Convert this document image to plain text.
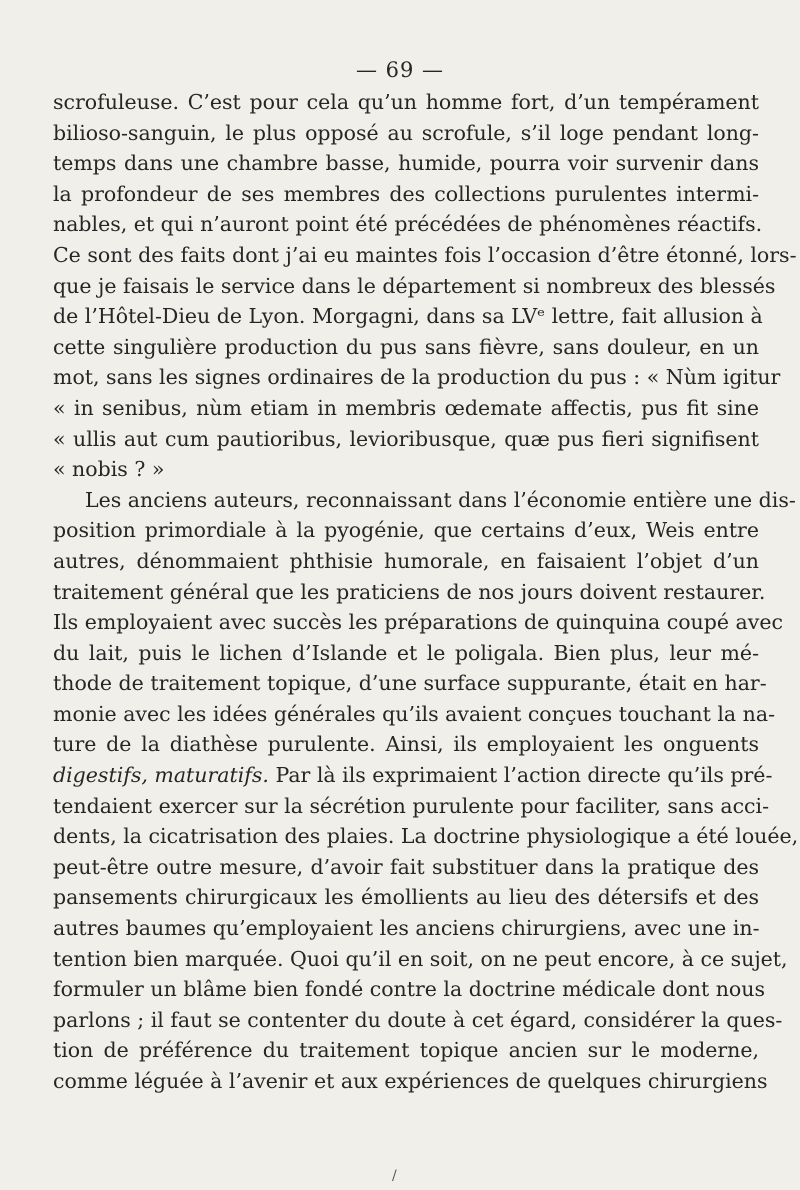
— 69 —
scrofuleuse. C’est pour cela qu’un homme fort, d’un tempérament
bilioso-sanguin, le plus opposé au scrofule, s’il loge pendant long-
temps dans une chambre basse, humide, pourra voir survenir dans
la profondeur de ses membres des collections purulentes intermi-
nables, et qui n’auront point été précédées de phénomènes réactifs.
Ce sont des faits dont j’ai eu maintes fois l’occasion d’être étonné, lors-
que je faisais le service dans le département si nombreux des blessés
de l’Hôtel-Dieu de Lyon. Morgagni, dans sa LVᵉ lettre, fait allusion à
cette singulière production du pus sans fièvre, sans douleur, en un
mot, sans les signes ordinaires de la production du pus : « Nùm igitur
« in senibus, nùm etiam in membris œdemate affectis, pus fit sine
« ullis aut cum pautioribus, levioribusque, quæ pus fieri signifisent
« nobis ? »
Les anciens auteurs, reconnaissant dans l’économie entière une dis-
position primordiale à la pyogénie, que certains d’eux, Weis entre
autres, dénommaient phthisie humorale, en faisaient l’objet d’un
traitement général que les praticiens de nos jours doivent restaurer.
Ils employaient avec succès les préparations de quinquina coupé avec
du lait, puis le lichen d’Islande et le poligala. Bien plus, leur mé-
thode de traitement topique, d’une surface suppurante, était en har-
monie avec les idées générales qu’ils avaient conçues touchant la na-
ture de la diathèse purulente. Ainsi, ils employaient les onguents
digestifs, maturatifs. Par là ils exprimaient l’action directe qu’ils pré-
tendaient exercer sur la sécrétion purulente pour faciliter, sans acci-
dents, la cicatrisation des plaies. La doctrine physiologique a été louée,
peut-être outre mesure, d’avoir fait substituer dans la pratique des
pansements chirurgicaux les émollients au lieu des détersifs et des
autres baumes qu’employaient les anciens chirurgiens, avec une in-
tention bien marquée. Quoi qu’il en soit, on ne peut encore, à ce sujet,
formuler un blâme bien fondé contre la doctrine médicale dont nous
parlons ; il faut se contenter du doute à cet égard, considérer la ques-
tion de préférence du traitement topique ancien sur le moderne,
comme léguée à l’avenir et aux expériences de quelques chirurgiens
/
